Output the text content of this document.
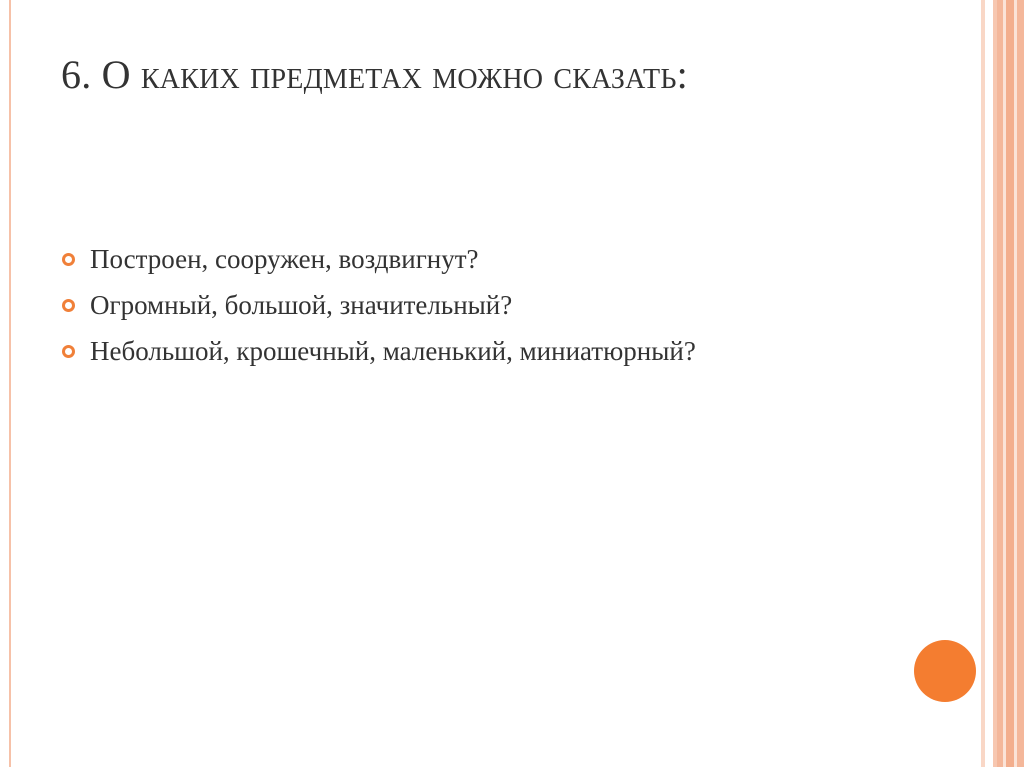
6. О каких предметах можно сказать:
Построен, сооружен, воздвигнут?
Огромный, большой, значительный?
Небольшой, крошечный, маленький, миниатюрный?
